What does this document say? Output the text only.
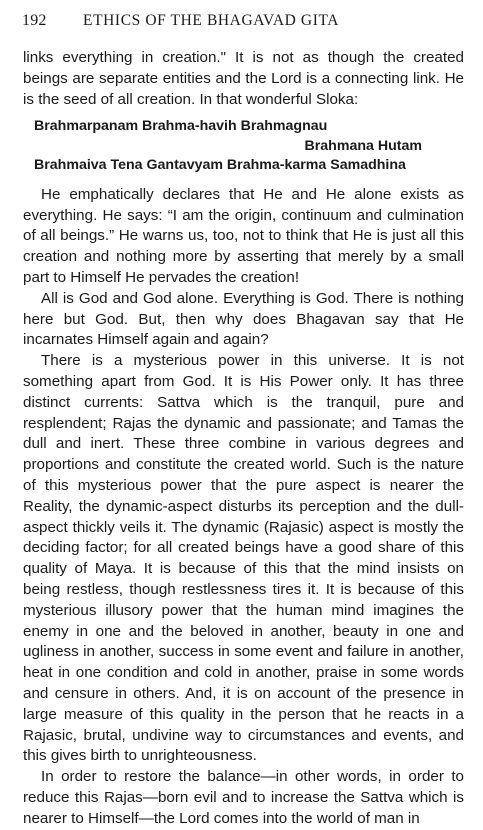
192 ETHICS OF THE BHAGAVAD GITA

links everything in creation." It is not as though the created beings are separate entities and the Lord is a connecting link. He is the seed of all creation. In that wonderful Sloka:

Brahmarpanam Brahma-havih Brahmagnau
Brahmana Hutam
Brahmaiva Tena Gantavyam Brahma-karma Samadhina

He emphatically declares that He and He alone exists as everything. He says: “I am the origin, continuum and culmination of all beings.” He warns us, too, not to think that He is just all this creation and nothing more by asserting that merely by a small part to Himself He pervades the creation!

All is God and God alone. Everything is God. There is nothing here but God. But, then why does Bhagavan say that He incarnates Himself again and again?

There is a mysterious power in this universe. It is not something apart from God. It is His Power only. It has three distinct currents: Sattva which is the tranquil, pure and resplendent; Rajas the dynamic and passionate; and Tamas the dull and inert. These three combine in various degrees and proportions and constitute the created world. Such is the nature of this mysterious power that the pure aspect is nearer the Reality, the dynamic-aspect disturbs its perception and the dull-aspect thickly veils it. The dynamic (Rajasic) aspect is mostly the deciding factor; for all created beings have a good share of this quality of Maya. It is because of this that the mind insists on being restless, though restlessness tires it. It is because of this mysterious illusory power that the human mind imagines the enemy in one and the beloved in another, beauty in one and ugliness in another, success in some event and failure in another, heat in one condition and cold in another, praise in some words and censure in others. And, it is on account of the presence in large measure of this quality in the person that he reacts in a Rajasic, brutal, undivine way to circumstances and events, and this gives birth to unrighteousness.

In order to restore the balance—in other words, in order to reduce this Rajas—born evil and to increase the Sattva which is nearer to Himself—the Lord comes into the world of man in
